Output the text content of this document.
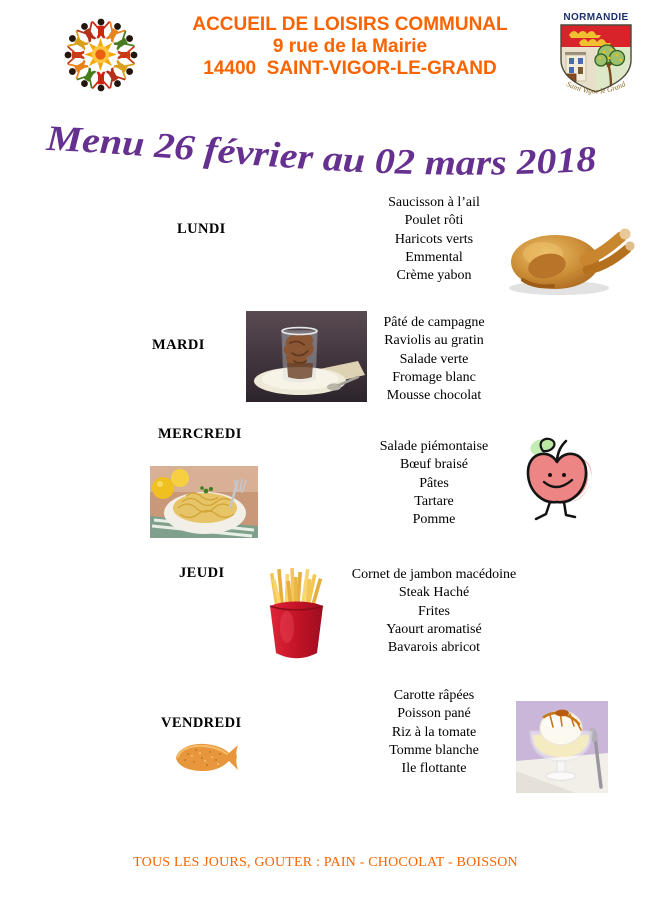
ACCUEIL DE LOISIRS COMMUNAL
9 rue de la Mairie
14400  SAINT-VIGOR-LE-GRAND
NORMANDIE
Saint Vigor le Grand
Menu 26 février au 02 mars 2018
LUNDI
MARDI
MERCREDI
JEUDI
VENDREDI
Saucisson à l’ail
Poulet rôti
Haricots verts
Emmental
Crème yabon
Pâté de campagne
Raviolis au gratin
Salade verte
Fromage blanc
Mousse chocolat
Salade piémontaise
Bœuf braisé
Pâtes
Tartare
Pomme
Cornet de jambon macédoine
Steak Haché
Frites
Yaourt aromatisé
Bavarois abricot
Carotte râpées
Poisson pané
Riz à la tomate
Tomme blanche
Ile flottante
TOUS LES JOURS, GOUTER : PAIN - CHOCOLAT - BOISSON
